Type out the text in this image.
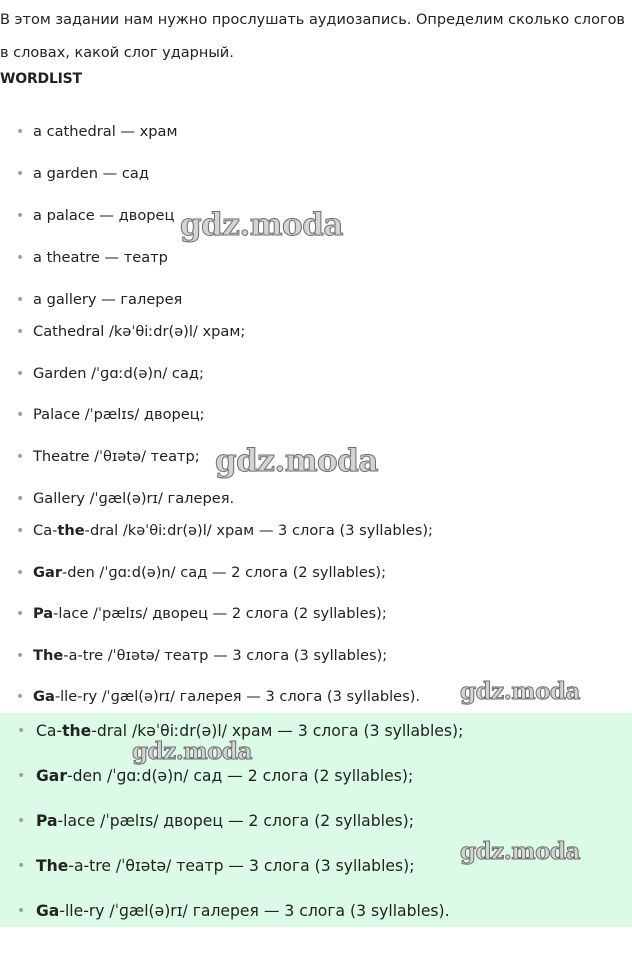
В этом задании нам нужно прослушать аудиозапись. Определим сколько слогов в словах, какой слог ударный.
WORDLIST
• a cathedral — храм
• a garden — сад
• a palace — дворец
• a theatre — театр
• a gallery — галерея
• Cathedral /kəˈθiːdr(ə)l/ храм;
• Garden /ˈɡɑːd(ə)n/ сад;
• Palace /ˈpælɪs/ дворец;
• Theatre /ˈθɪətə/ театр;
• Gallery /ˈɡæl(ə)rɪ/ галерея.
• Ca-the-dral /kəˈθiːdr(ə)l/ храм — 3 слога (3 syllables);
• Gar-den /ˈɡɑːd(ə)n/ сад — 2 слога (2 syllables);
• Pa-lace /ˈpælɪs/ дворец — 2 слога (2 syllables);
• The-a-tre /ˈθɪətə/ театр — 3 слога (3 syllables);
• Ga-lle-ry /ˈɡæl(ə)rɪ/ галерея — 3 слога (3 syllables).
• Ca-the-dral /kəˈθiːdr(ə)l/ храм — 3 слога (3 syllables);
• Gar-den /ˈɡɑːd(ə)n/ сад — 2 слога (2 syllables);
• Pa-lace /ˈpælɪs/ дворец — 2 слога (2 syllables);
• The-a-tre /ˈθɪətə/ театр — 3 слога (3 syllables);
• Ga-lle-ry /ˈɡæl(ə)rɪ/ галерея — 3 слога (3 syllables).
gdz.moda
gdz.moda
gdz.moda
gdz.moda
gdz.moda
